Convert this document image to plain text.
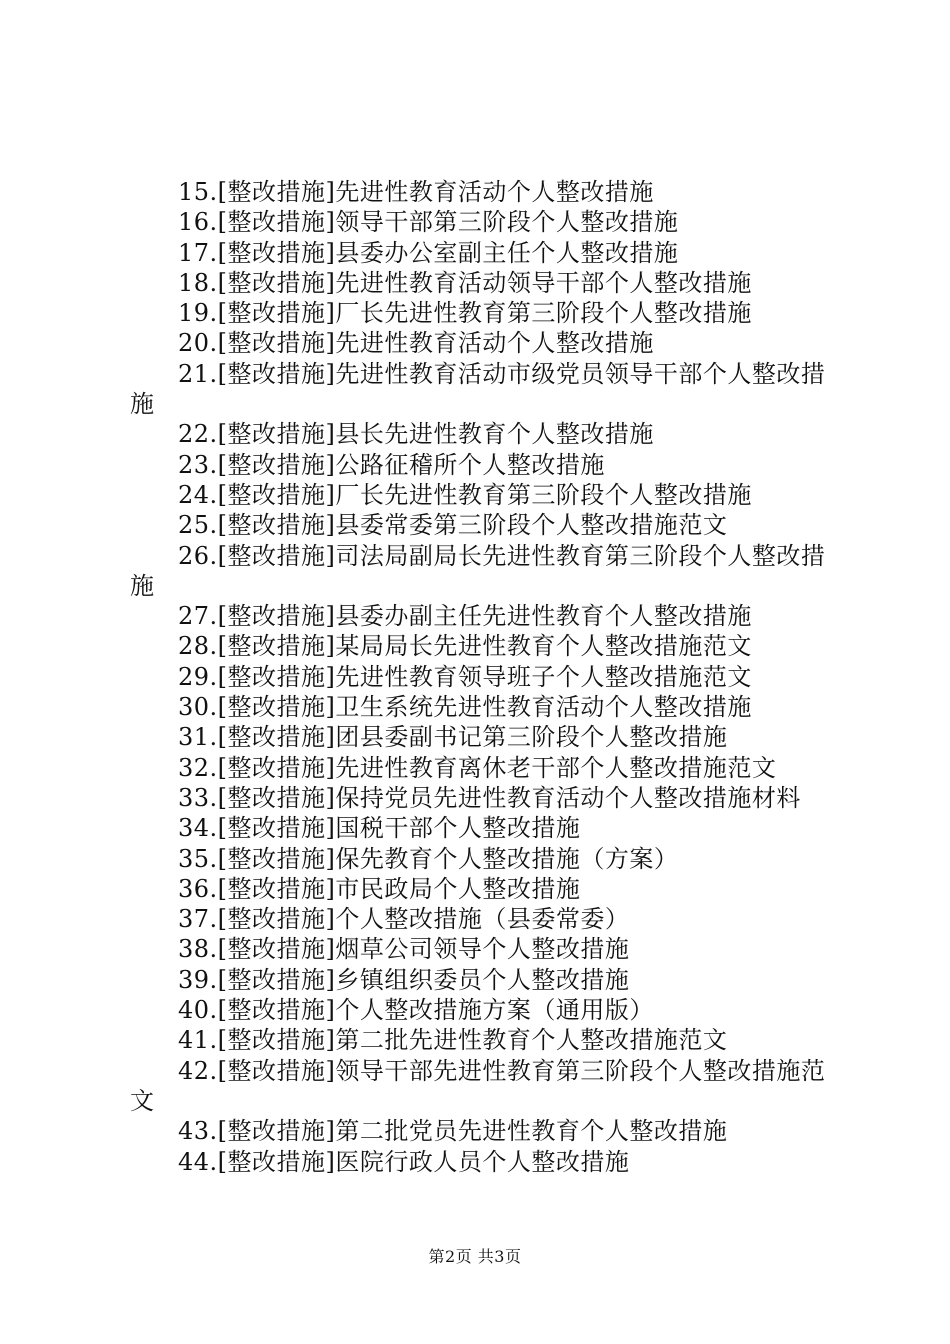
15.[整改措施]先进性教育活动个人整改措施

16.[整改措施]领导干部第三阶段个人整改措施

17.[整改措施]县委办公室副主任个人整改措施

18.[整改措施]先进性教育活动领导干部个人整改措施

19.[整改措施]厂长先进性教育第三阶段个人整改措施

20.[整改措施]先进性教育活动个人整改措施

21.[整改措施]先进性教育活动市级党员领导干部个人整改措施

22.[整改措施]县长先进性教育个人整改措施

23.[整改措施]公路征稽所个人整改措施

24.[整改措施]厂长先进性教育第三阶段个人整改措施

25.[整改措施]县委常委第三阶段个人整改措施范文

26.[整改措施]司法局副局长先进性教育第三阶段个人整改措施

27.[整改措施]县委办副主任先进性教育个人整改措施

28.[整改措施]某局局长先进性教育个人整改措施范文

29.[整改措施]先进性教育领导班子个人整改措施范文

30.[整改措施]卫生系统先进性教育活动个人整改措施

31.[整改措施]团县委副书记第三阶段个人整改措施

32.[整改措施]先进性教育离休老干部个人整改措施范文

33.[整改措施]保持党员先进性教育活动个人整改措施材料

34.[整改措施]国税干部个人整改措施

35.[整改措施]保先教育个人整改措施（方案）

36.[整改措施]市民政局个人整改措施

37.[整改措施]个人整改措施（县委常委）

38.[整改措施]烟草公司领导个人整改措施

39.[整改措施]乡镇组织委员个人整改措施

40.[整改措施]个人整改措施方案（通用版）

41.[整改措施]第二批先进性教育个人整改措施范文

42.[整改措施]领导干部先进性教育第三阶段个人整改措施范文

43.[整改措施]第二批党员先进性教育个人整改措施

44.[整改措施]医院行政人员个人整改措施

第2页 共3页
